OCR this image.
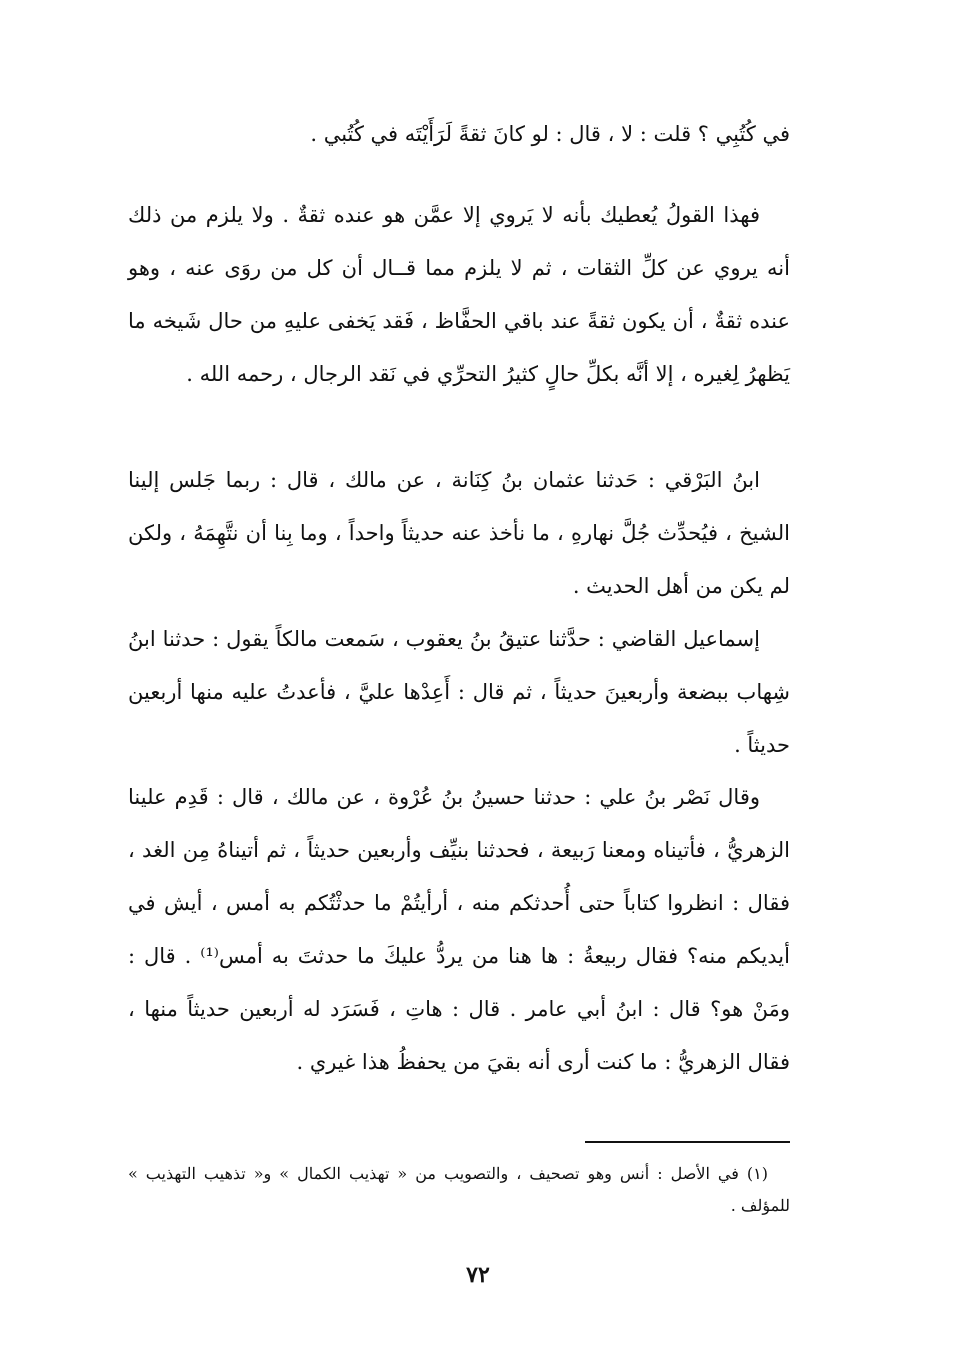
في كُتُبِي ؟ قلت : لا ، قال : لو كانَ ثقةً لَرَأَيْتَه في كُتُبي .

فهذا القولُ يُعطيك بأنه لا يَروي إلا عمَّن هو عنده ثقةٌ . ولا يلزم من ذلك أنه يروي عن كلِّ الثقات ، ثم لا يلزم مما قــال أن كل من روَى عنه ، وهو عنده ثقةٌ ، أن يكون ثقةً عند باقي الحفَّاظ ، فَقد يَخفى عليهِ من حال شَيخه ما يَظهرُ لِغيره ، إلا أنَّه بكلِّ حالٍ كثيرُ التحرِّي في نَقد الرجال ، رحمه الله .

ابنُ البَرْقي : حَدثنا عثمان بنُ كِنَانة ، عن مالك ، قال : ربما جَلس إلينا الشيخ ، فيُحدِّث جُلَّ نهارهِ ، ما نأخذ عنه حديثاً واحداً ، وما بِنا أن نتَّهِمَهُ ، ولكن لم يكن من أهل الحديث .

إسماعيل القاضي : حدَّثنا عتيقُ بنُ يعقوب ، سَمعت مالكاً يقول : حدثنا ابنُ شِهاب ببضعة وأربعينَ حديثاً ، ثم قال : أَعِدْها عليَّ ، فأعدتُ عليه منها أربعين حديثاً .

وقال نَصْر بنُ علي : حدثنا حسينُ بنُ عُرْوة ، عن مالك ، قال : قَدِم علينا الزهريُّ ، فأتيناه ومعنا رَبيعة ، فحدثنا بنيِّف وأربعين حديثاً ، ثم أتيناهُ مِن الغد ، فقال : انظروا كتاباً حتى أُحدثكم منه ، أرأيتُمْ ما حدثْتُكم به أمس ، أيش في أيديكم منه؟ فقال ربيعةُ : ها هنا من يردُّ عليكَ ما حدثتَ به أمس⁽¹⁾ . قال : ومَنْ هو؟ قال : ابنُ أبي عامر . قال : هاتِ ، فَسَرَد له أربعين حديثاً منها ، فقال الزهريُّ : ما كنت أرى أنه بقيَ من يحفظُ هذا غيري .

(١) في الأصل : أنس وهو تصحيف ، والتصويب من « تهذيب الكمال » و« تذهيب التهذيب » للمؤلف .
٧٢
